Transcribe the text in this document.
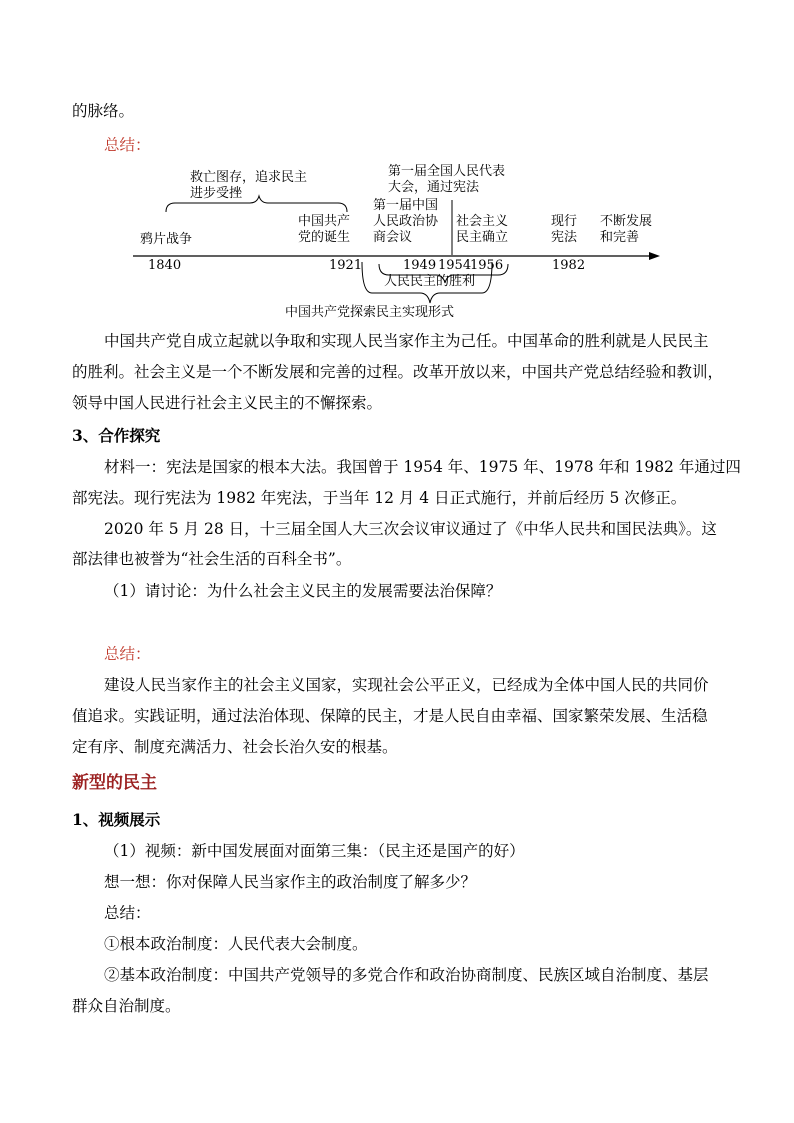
的脉络。
总结：
救亡图存，追求民主
进步受挫
第一届全国人民代表
大会，通过宪法
第一届中国
人民政治协
商会议
中国共产
党的诞生
鸦片战争
社会主义
民主确立
现行
宪法
不断发展
和完善
1840	1921	1949 1954
1956	1982
人民民主的胜利
中国共产党探索民主实现形式
中国共产党自成立起就以争取和实现人民当家作主为己任。中国革命的胜利就是人民民主
的胜利。社会主义是一个不断发展和完善的过程。改革开放以来，中国共产党总结经验和教训，
领导中国人民进行社会主义民主的不懈探索。
3、合作探究
材料一：宪法是国家的根本大法。我国曾于 1954 年、1975 年、1978 年和 1982 年通过四
部宪法。现行宪法为 1982 年宪法，于当年 12 月 4 日正式施行，并前后经历 5 次修正。
2020 年 5 月 28 日，十三届全国人大三次会议审议通过了《中华人民共和国民法典》。这
部法律也被誉为“社会生活的百科全书”。
（1）请讨论：为什么社会主义民主的发展需要法治保障？
总结：
建设人民当家作主的社会主义国家，实现社会公平正义，已经成为全体中国人民的共同价
值追求。实践证明，通过法治体现、保障的民主，才是人民自由幸福、国家繁荣发展、生活稳
定有序、制度充满活力、社会长治久安的根基。
新型的民主
1、视频展示
（1）视频：新中国发展面对面第三集：（民主还是国产的好）
想一想：你对保障人民当家作主的政治制度了解多少？
总结：
①根本政治制度：人民代表大会制度。
②基本政治制度：中国共产党领导的多党合作和政治协商制度、民族区域自治制度、基层
群众自治制度。
